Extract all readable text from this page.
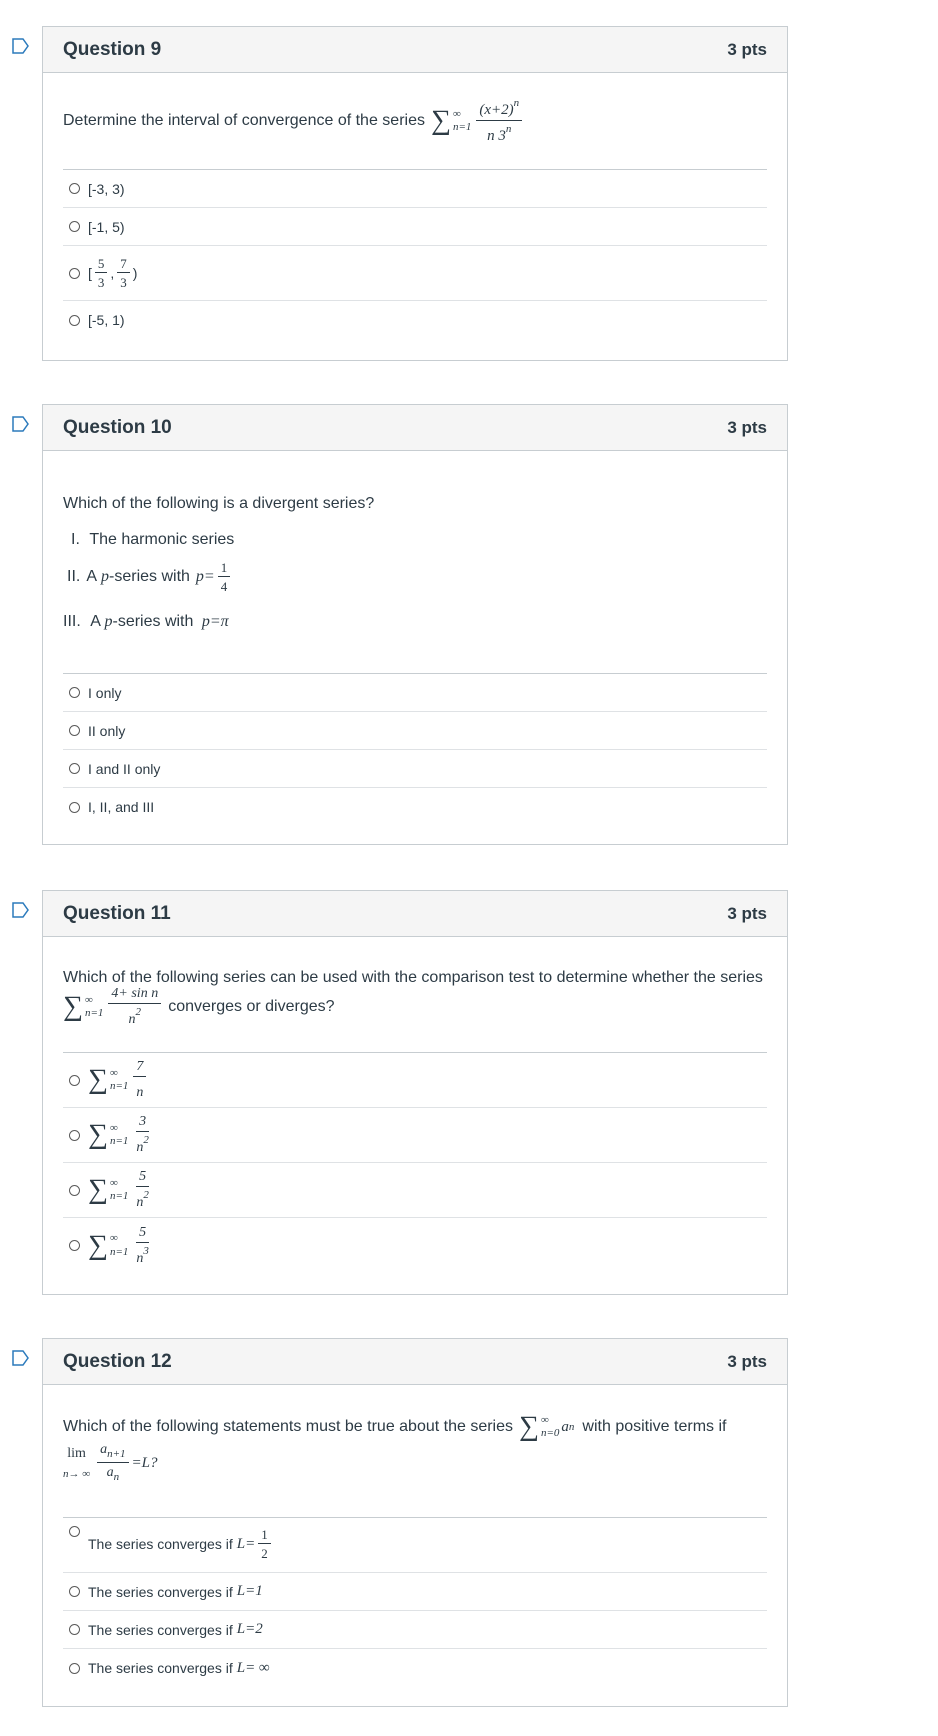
Question 9	3 pts
Determine the interval of convergence of the series ∑ ∞
$n=1 \frac{(x+2)^n}{n 3^n}$
[-3, 3)
[-1, 5)
[ $\frac{5}{3}$ , $\frac{7}{3}$ )
[-5, 1)
Question 10	3 pts
Which of the following is a divergent series?
I. The harmonic series
II. A p -series with $p= \frac{1}{4}$
III. A p-series with p=π
I only
II only
I and II only
I, II, and III
Question 11	3 pts
Which of the following series can be used with the comparison test to determine whether the series
∑ ∞
$n=1 \frac{\text{4+ sin n}}{n^2}$ converges or diverges?
∑ ∞
$n=1 \frac{7}{n}$
∑ ∞
$n=1 \frac{3}{n^2}$
∑ ∞
$n=1 \frac{5}{n^2}$
∑ ∞
$n=1 \frac{5}{n^3}$
Question 12	3 pts
Which of the following statements must be true about the series ∑ ∞
n=0 a n with positive terms if
lim
n→ ∞ $\frac{a_{n+1}}{a_n} =L$?
The series converges if $L= \frac{1}{2}$
The series converges if L=1
The series converges if L=2
The series converges if L= ∞
